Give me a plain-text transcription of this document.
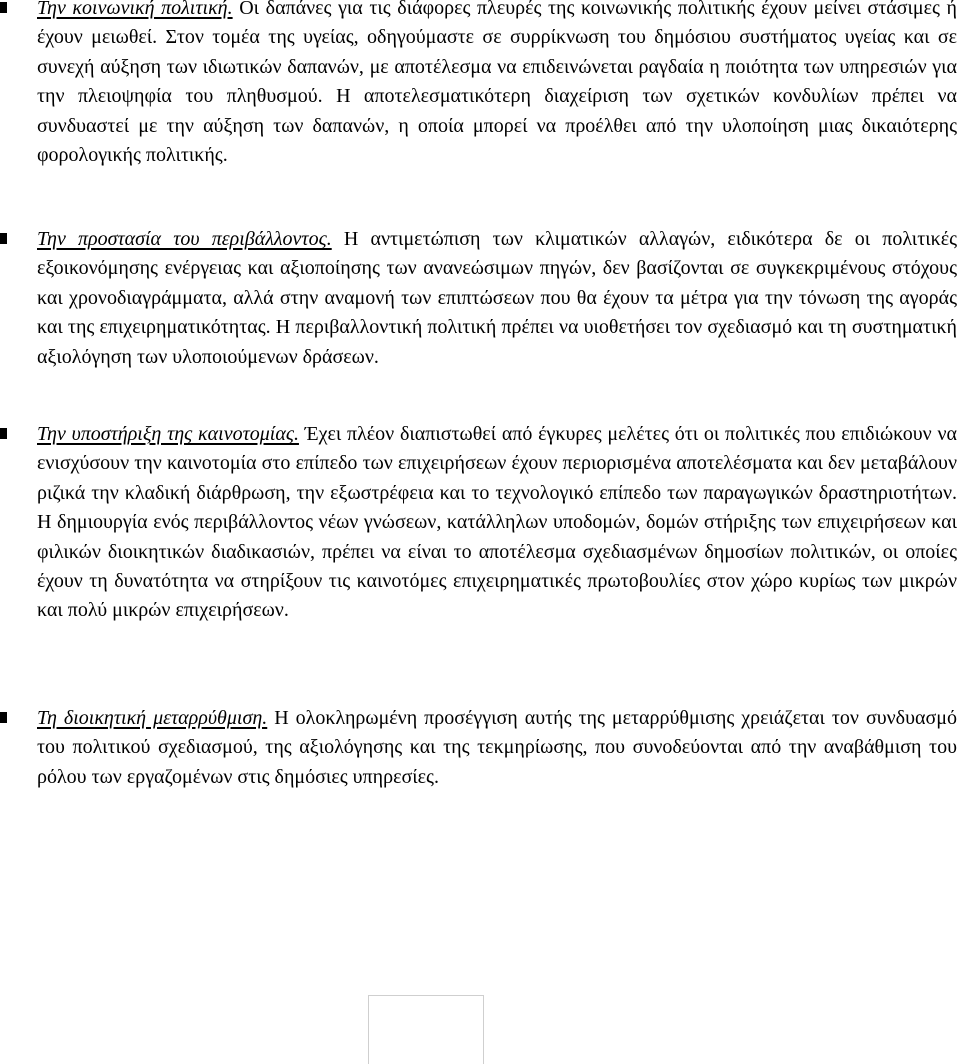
Την κοινωνική πολιτική. Οι δαπάνες για τις διάφορες πλευρές της κοινωνικής πολιτικής έχουν μείνει στάσιμες ή έχουν μειωθεί. Στον τομέα της υγείας, οδηγούμαστε σε συρρίκνωση του δημόσιου συστήματος υγείας και σε συνεχή αύξηση των ιδιωτικών δαπανών, με αποτέλεσμα να επιδεινώνεται ραγδαία η ποιότητα των υπηρεσιών για την πλειοψηφία του πληθυσμού. Η αποτελεσματικότερη διαχείριση των σχετικών κονδυλίων πρέπει να συνδυαστεί με την αύξηση των δαπανών, η οποία μπορεί να προέλθει από την υλοποίηση μιας δικαιότερης φορολογικής πολιτικής.
Την προστασία του περιβάλλοντος. Η αντιμετώπιση των κλιματικών αλλαγών, ειδικότερα δε οι πολιτικές εξοικονόμησης ενέργειας και αξιοποίησης των ανανεώσιμων πηγών, δεν βασίζονται σε συγκεκριμένους στόχους και χρονοδιαγράμματα, αλλά στην αναμονή των επιπτώσεων που θα έχουν τα μέτρα για την τόνωση της αγοράς και της επιχειρηματικότητας. Η περιβαλλοντική πολιτική πρέπει να υιοθετήσει τον σχεδιασμό και τη συστηματική αξιολόγηση των υλοποιούμενων δράσεων.
Την υποστήριξη της καινοτομίας. Έχει πλέον διαπιστωθεί από έγκυρες μελέτες ότι οι πολιτικές που επιδιώκουν να ενισχύσουν την καινοτομία στο επίπεδο των επιχειρήσεων έχουν περιορισμένα αποτελέσματα και δεν μεταβάλουν ριζικά την κλαδική διάρθρωση, την εξωστρέφεια και το τεχνολογικό επίπεδο των παραγωγικών δραστηριοτήτων. Η δημιουργία ενός περιβάλλοντος νέων γνώσεων, κατάλληλων υποδομών, δομών στήριξης των επιχειρήσεων και φιλικών διοικητικών διαδικασιών, πρέπει να είναι το αποτέλεσμα σχεδιασμένων δημοσίων πολιτικών, οι οποίες έχουν τη δυνατότητα να στηρίξουν τις καινοτόμες επιχειρηματικές πρωτοβουλίες στον χώρο κυρίως των μικρών και πολύ μικρών επιχειρήσεων.
Τη διοικητική μεταρρύθμιση. Η ολοκληρωμένη προσέγγιση αυτής της μεταρρύθμισης χρειάζεται τον συνδυασμό του πολιτικού σχεδιασμού, της αξιολόγησης και της τεκμηρίωσης, που συνοδεύονται από την αναβάθμιση του ρόλου των εργαζομένων στις δημόσιες υπηρεσίες.
